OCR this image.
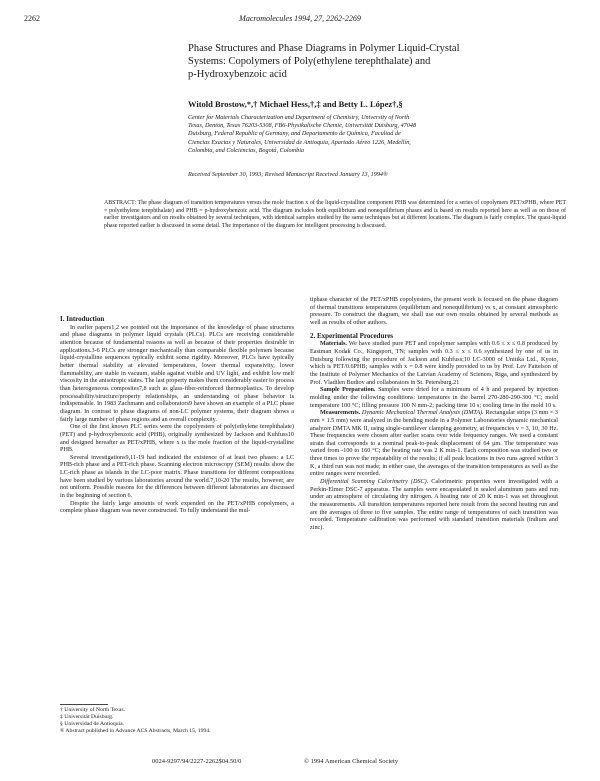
2262	Macromolecules 1994, 27, 2262-2269
Phase Structures and Phase Diagrams in Polymer Liquid-Crystal
Systems: Copolymers of Poly(ethylene terephthalate) and
p-Hydroxybenzoic acid
Witold Brostow,*,† Michael Hess,†,‡ and Betty L. López†,§
Center for Materials Characterization and Department of Chemistry, University of North
Texas, Denton, Texas 76203-5308, FB6-Physikalische Chemie, Universität Duisburg, 47048
Duisburg, Federal Republic of Germany, and Departamento de Química, Facultad de
Ciencias Exactas y Naturales, Universidad de Antioquia, Apartado Aéreo 1226, Medellín,
Colombia, and Colciencias, Bogotá, Colombia
Received September 30, 1993; Revised Manuscript Received January 13, 1994®
ABSTRACT: The phase diagram of transition temperatures versus the mole fraction x of the liquid-crystalline component PHB was determined for a series of copolymers PET/xPHB, where PET = polyethylene terephthalate) and PHB = p-hydroxybenzoic acid. The diagram includes both equilibrium and nonequilibrium phases and is based on results reported here as well as on those of earlier investigators and on results obtained by several techniques, with identical samples studied by the same techniques but at different locations. The diagram is fairly complex. The quasi-liquid phase reported earlier is discussed in some detail. The importance of the diagram for intelligent processing is discussed.

I. Introduction

In earlier papers1,2 we pointed out the importance of the knowledge of phase structures and phase diagrams in polymer liquid crystals (PLCs). PLCs are receiving considerable attention because of fundamental reasons as well as because of their properties desirable in applications.3-6 PLCs are stronger mechanically than comparable flexible polymers because liquid-crystalline sequences typically exhibit some rigidity. Moreover, PLCs have typically better thermal stability at elevated temperatures, lower thermal expansivity, lower flammability, are stable in vacuum, stable against visible and UV light, and exhibit low melt viscosity in the anisotropic states. The last property makes them considerably easier to process than heterogeneous composites7,8 such as glass-fiber-reinforced thermoplastics. To develop processability/structure/property relationships, an understanding of phase behavior is indispensable. In 1983 Zachmann and collaborators9 have shown an example of a PLC phase diagram. In contrast to phase diagrams of non-LC polymer systems, their diagram shows a fairly large number of phase regions and an overall complexity.

One of the first known PLC series were the copolyesters of poly(ethylene terephthalate) (PET) and p-hydroxybenzoic acid (PHB), originally synthesized by Jackson and Kuhfuss10 and designed hereafter as PET/xPHB, where x is the mole fraction of the liquid-crystalline PHB.

Several investigations9,11-19 had indicated the existence of at least two phases: a LC PHB-rich phase and a PET-rich phase. Scanning electron microscopy (SEM) results show the LC-rich phase as islands in the LC-poor matrix. Phase transitions for different compositions have been studied by various laboratories around the world.7,10-20 The results, however, are not uniform. Possible reasons for the differences between different laboratories are discussed in the beginning of section 6.

Despite the fairly large amounts of work expended on the PET/xPHB copolymers, a complete phase diagram was never constructed. To fully understand the mul-

† University of North Texas.
‡ Universität Duisburg.
§ Universidad de Antioquia.
® Abstract published in Advance ACS Abstracts, March 15, 1994.

tiphase character of the PET/xPHB copolyesters, the present work is focused on the phase diagram of thermal transitions temperatures (equilibrium and nonequilibrium) vs x, at constant atmospheric pressure. To construct the diagram, we shall use our own results obtained by several methods as well as results of other authors.

2. Experimental Procedures

Materials. We have studied pure PET and copolymer samples with 0.6 ≤ x ≤ 0.8 produced by Eastman Kodak Co., Kingsport, TN; samples with 0.3 ≤ x ≤ 0.6 synthesized by one of us in Duisburg following the procedure of Jackson and Kuhfuss;10 LC-3000 of Unitika Ltd., Kyoto, which is PET/0.6PHB; samples with x = 0.8 were kindly provided to us by Prof. Lev Faitelson of the Institute of Polymer Mechanics of the Latvian Academy of Sciences, Riga, and synthesized by Prof. Vladilen Budtov and collaborators in St. Petersburg.21

Sample Preparation. Samples were dried for a minimum of 4 h and prepared by injection molding under the following conditions: temperatures in the barrel 270-280-290-300 °C; mold temperature 100 °C; filling pressure 100 N mm-2; packing time 10 s; cooling time in the mold 10 s.

Measurements. Dynamic Mechanical Thermal Analysis (DMTA). Rectangular strips (3 mm × 3 mm × 1.5 mm) were analyzed in the bending mode in a Polymer Laboratories dynamic mechanical analyzer DMTA MK II, using single-cantilever clamping geometry, at frequencies ν = 3, 10, 30 Hz. These frequencies were chosen after earlier scans over wide frequency ranges. We used a constant strain that corresponds to a nominal peak-to-peak displacement of 64 μm. The temperature was varied from -100 to 160 °C; the heating rate was 2 K min-1. Each composition was studied two or three times to prove the repeatability of the results; if all peak locations in two runs agreed within 3 K, a third run was not made; in either case, the averages of the transition temperatures as well as the entire ranges were recorded.

Differential Scanning Calorimetry (DSC). Calorimetric properties were investigated with a Perkin-Elmer DSC-7 apparatus. The samples were encapsulated in sealed aluminum pans and run under an atmosphere of circulating dry nitrogen. A heating rate of 20 K min-1 was set throughout the measurements. All transition temperatures reported here result from the second heating run and are the averages of three to five samples. The entire range of temperatures of each transition was recorded. Temperature calibration was performed with standard transition materials (indium and zinc).

0024-9297/94/2227-2262$04.50/0	© 1994 American Chemical Society
